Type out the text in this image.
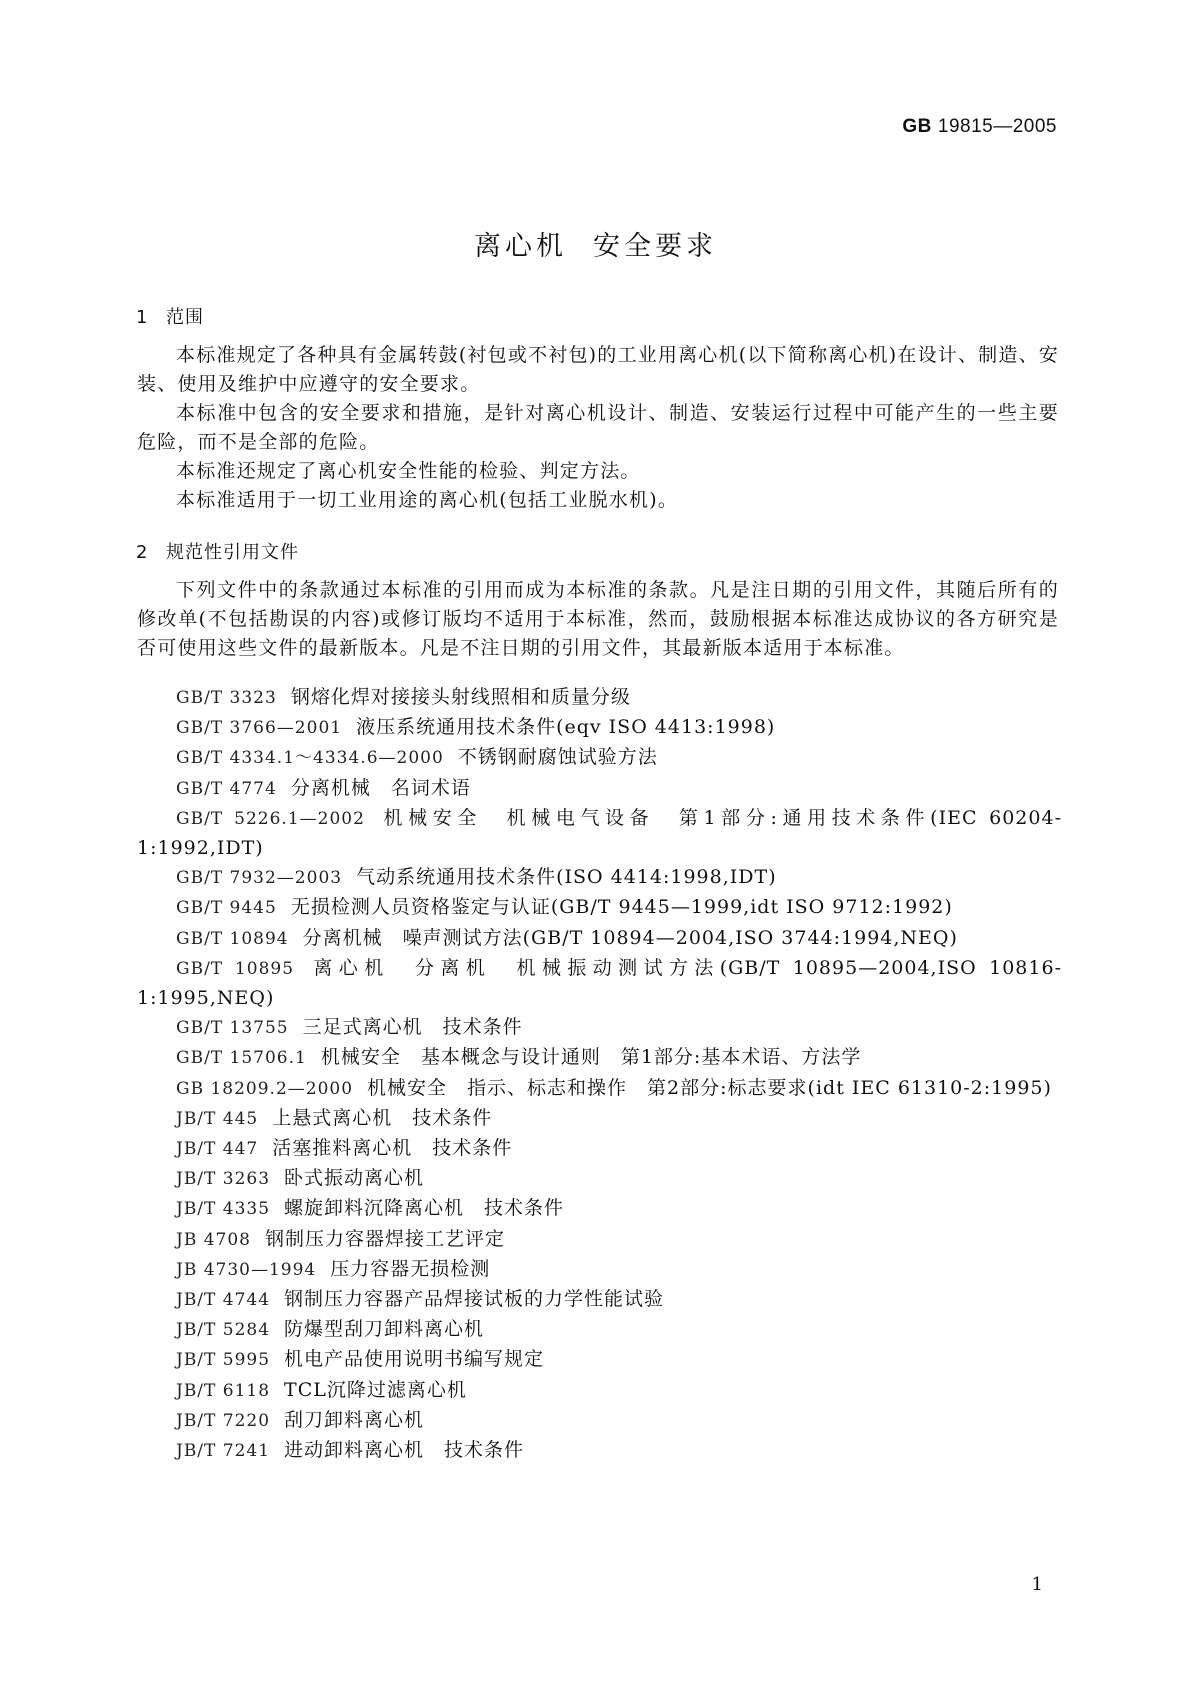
GB 19815—2005
离心机 安全要求
1 范围

本标准规定了各种具有金属转鼓(衬包或不衬包)的工业用离心机(以下简称离心机)在设计、制造、安装、使用及维护中应遵守的安全要求。

本标准中包含的安全要求和措施，是针对离心机设计、制造、安装运行过程中可能产生的一些主要危险，而不是全部的危险。

本标准还规定了离心机安全性能的检验、判定方法。

本标准适用于一切工业用途的离心机(包括工业脱水机)。

2 规范性引用文件

下列文件中的条款通过本标准的引用而成为本标准的条款。凡是注日期的引用文件，其随后所有的修改单(不包括勘误的内容)或修订版均不适用于本标准，然而，鼓励根据本标准达成协议的各方研究是否可使用这些文件的最新版本。凡是不注日期的引用文件，其最新版本适用于本标准。

GB/T 3323 钢熔化焊对接接头射线照相和质量分级

GB/T 3766—2001 液压系统通用技术条件(eqv ISO 4413:1998)

GB/T 4334.1～4334.6—2000 不锈钢耐腐蚀试验方法

GB/T 4774 分离机械　名词术语

GB/T 5226.1—2002 机械安全　机械电气设备　第1部分:通用技术条件(IEC 60204-1:1992,IDT)

GB/T 7932—2003 气动系统通用技术条件(ISO 4414:1998,IDT)

GB/T 9445 无损检测人员资格鉴定与认证(GB/T 9445—1999,idt ISO 9712:1992)

GB/T 10894 分离机械　噪声测试方法(GB/T 10894—2004,ISO 3744:1994,NEQ)

GB/T 10895 离心机　分离机　机械振动测试方法(GB/T 10895—2004,ISO 10816-1:1995,NEQ)

GB/T 13755 三足式离心机　技术条件

GB/T 15706.1 机械安全　基本概念与设计通则　第1部分:基本术语、方法学

GB 18209.2—2000 机械安全　指示、标志和操作　第2部分:标志要求(idt IEC 61310-2:1995)

JB/T 445 上悬式离心机　技术条件

JB/T 447 活塞推料离心机　技术条件

JB/T 3263 卧式振动离心机

JB/T 4335 螺旋卸料沉降离心机　技术条件

JB 4708 钢制压力容器焊接工艺评定

JB 4730—1994 压力容器无损检测

JB/T 4744 钢制压力容器产品焊接试板的力学性能试验

JB/T 5284 防爆型刮刀卸料离心机

JB/T 5995 机电产品使用说明书编写规定

JB/T 6118 TCL沉降过滤离心机

JB/T 7220 刮刀卸料离心机

JB/T 7241 进动卸料离心机　技术条件

1
